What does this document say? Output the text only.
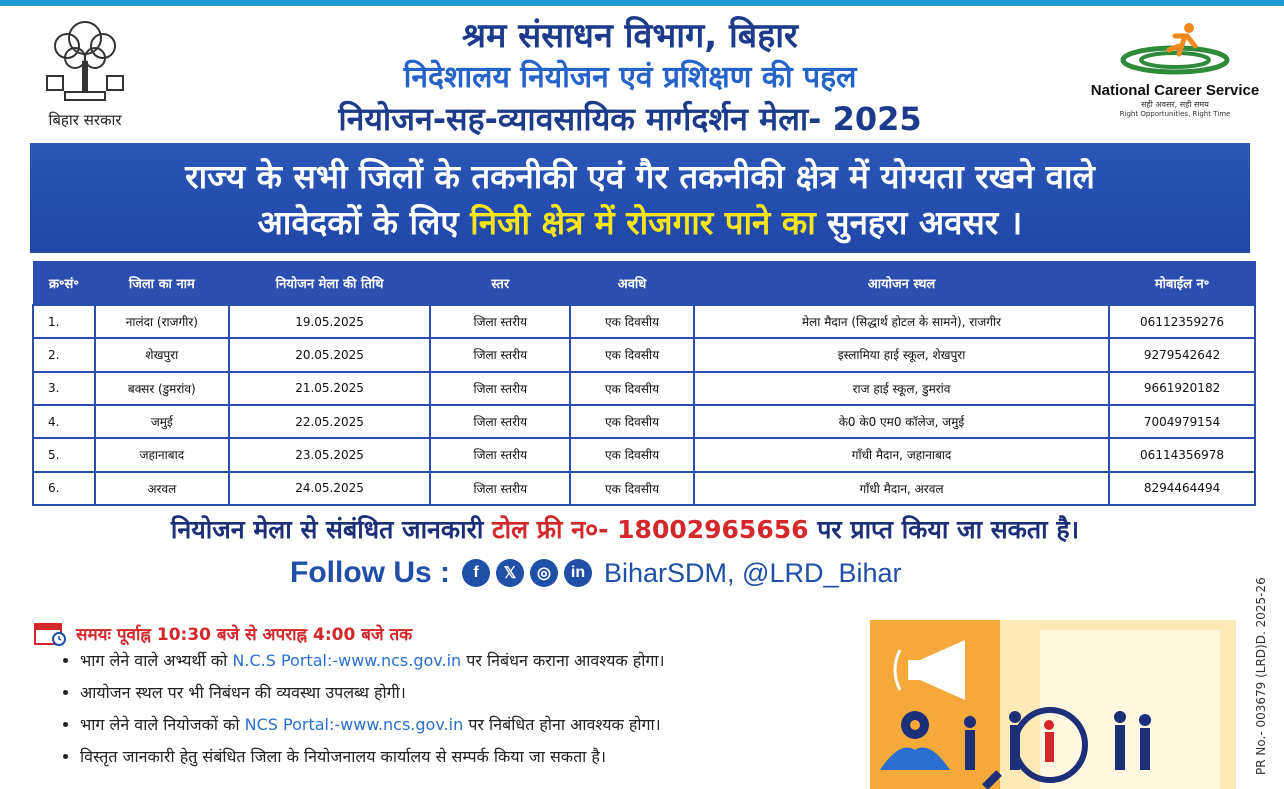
बिहार सरकार
श्रम संसाधन विभाग, बिहार
निदेशालय नियोजन एवं प्रशिक्षण की पहल
नियोजन-सह-व्यावसायिक मार्गदर्शन मेला- 2025
National Career Service
सही अवसर, सही समय
Right Opportunities, Right Time
राज्य के सभी जिलों के तकनीकी एवं गैर तकनीकी क्षेत्र में योग्यता रखने वाले
आवेदकों के लिए निजी क्षेत्र में रोजगार पाने का सुनहरा अवसर ।
क्र॰सं॰	जिला का नाम	नियोजन मेला की तिथि	स्तर	अवधि	आयोजन स्थल	मोबाईल न॰
1.	नालंदा (राजगीर)	19.05.2025	जिला स्तरीय	एक दिवसीय	मेला मैदान (सिद्धार्थ होटल के सामने), राजगीर	06112359276
2.	शेखपुरा	20.05.2025	जिला स्तरीय	एक दिवसीय	इस्लामिया हाई स्कूल, शेखपुरा	9279542642
3.	बक्सर (डुमरांव)	21.05.2025	जिला स्तरीय	एक दिवसीय	राज हाई स्कूल, डुमरांव	9661920182
4.	जमुई	22.05.2025	जिला स्तरीय	एक दिवसीय	के0 के0 एम0 कॉलेज, जमुई	7004979154
5.	जहानाबाद	23.05.2025	जिला स्तरीय	एक दिवसीय	गाँधी मैदान, जहानाबाद	06114356978
6.	अरवल	24.05.2025	जिला स्तरीय	एक दिवसीय	गाँधी मैदान, अरवल	8294464494
नियोजन मेला से संबंधित जानकारी टोल फ्री न०- 18002965656 पर प्राप्त किया जा सकता है।
Follow Us :	f	𝕏	◎	in BiharSDM, @LRD_Bihar
समयः पूर्वाह्न 10:30 बजे से अपराह्न 4:00 बजे तक
• भाग लेने वाले अभ्यर्थी को N.C.S Portal:-www.ncs.gov.in पर निबंधन कराना आवश्यक होगा।
• आयोजन स्थल पर भी निबंधन की व्यवस्था उपलब्ध होगी।
• भाग लेने वाले नियोजकों को NCS Portal:-www.ncs.gov.in पर निबंधित होना आवश्यक होगा।
• विस्तृत जानकारी हेतु संबंधित जिला के नियोजनालय कार्यालय से सम्पर्क किया जा सकता है।	PR No.- 003679 (LRD)D. 2025-26
